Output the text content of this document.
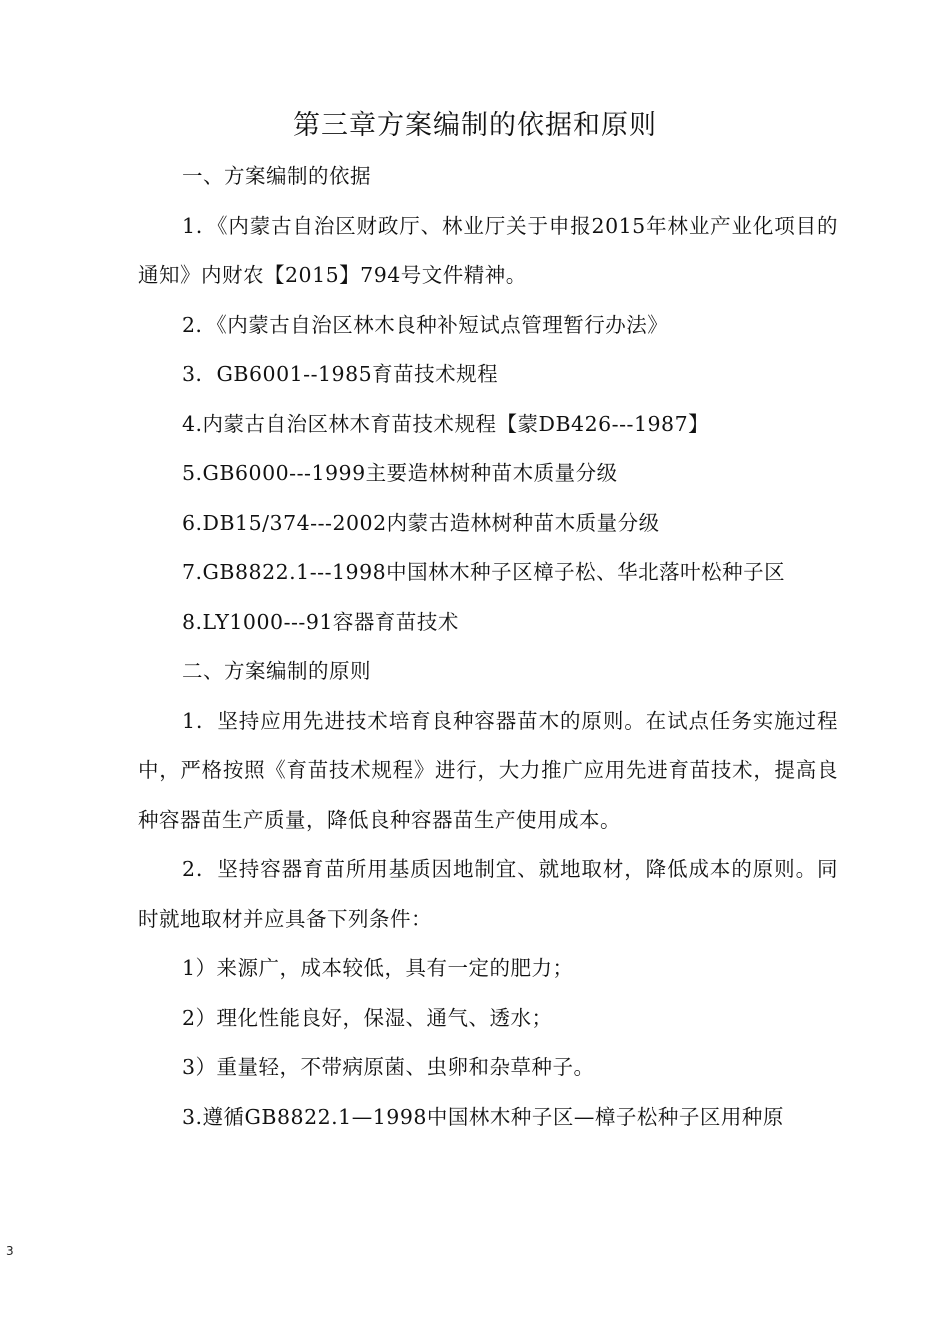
第三章方案编制的依据和原则

一、方案编制的依据

1．《内蒙古自治区财政厅、林业厅关于申报2015年林业产业化项目的通知》内财农【2015】794号文件精神。

2．《内蒙古自治区林木良种补短试点管理暂行办法》

3．GB6001--1985育苗技术规程

4.内蒙古自治区林木育苗技术规程【蒙DB426---1987】

5.GB6000---1999主要造林树种苗木质量分级

6.DB15/374---2002内蒙古造林树种苗木质量分级

7.GB8822.1---1998中国林木种子区樟子松、华北落叶松种子区

8.LY1000---91容器育苗技术

二、方案编制的原则

1．坚持应用先进技术培育良种容器苗木的原则。在试点任务实施过程中，严格按照《育苗技术规程》进行，大力推广应用先进育苗技术，提高良种容器苗生产质量，降低良种容器苗生产使用成本。

2．坚持容器育苗所用基质因地制宜、就地取材，降低成本的原则。同时就地取材并应具备下列条件：

1）来源广，成本较低，具有一定的肥力；

2）理化性能良好，保湿、通气、透水；

3）重量轻，不带病原菌、虫卵和杂草种子。

3.遵循GB8822.1—1998中国林木种子区—樟子松种子区用种原

3
